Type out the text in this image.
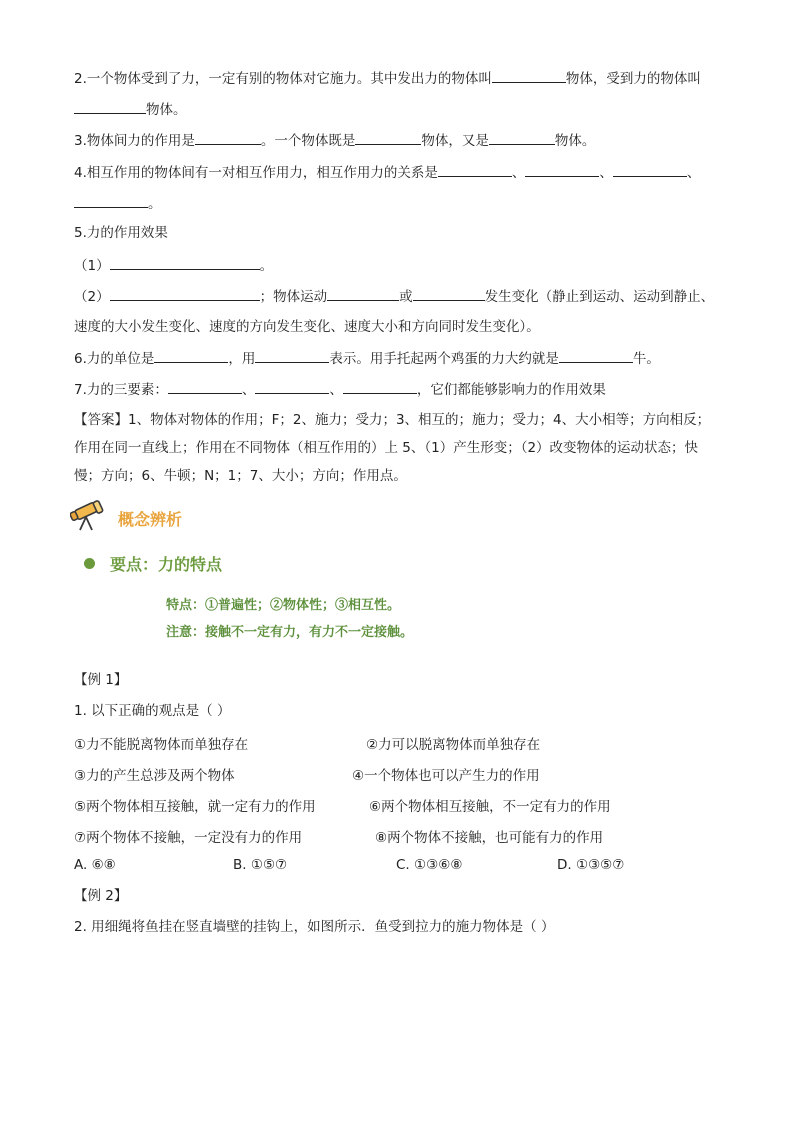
2.一个物体受到了力，一定有别的物体对它施力。其中发出力的物体叫	物体，受到力的物体叫
物体。
3.物体间力的作用是	。一个物体既是	物体，又是	物体。
4.相互作用的物体间有一对相互作用力，相互作用力的关系是	、	、	、
。
5.力的作用效果
（1）	。
（2）	；物体运动	或	发生变化（静止到运动、运动到静止、
速度的大小发生变化、速度的方向发生变化、速度大小和方向同时发生变化）。
6.力的单位是	，用	表示。用手托起两个鸡蛋的力大约就是	牛。
7.力的三要素：	、	、	，它们都能够影响力的作用效果
【答案】1、物体对物体的作用；F；2、施力；受力；3、相互的；施力；受力；4、大小相等；方向相反；
作用在同一直线上；作用在不同物体（相互作用的）上 5、（1）产生形变；（2）改变物体的运动状态；快
慢；方向；6、牛顿；N；1；7、大小；方向；作用点。
概念辨析
要点：力的特点
特点：①普遍性；②物体性；③相互性。
注意：接触不一定有力，有力不一定接触。
【例 1】
1. 以下正确的观点是（ ）
①力不能脱离物体而单独存在	②力可以脱离物体而单独存在
③力的产生总涉及两个物体	④一个物体也可以产生力的作用
⑤两个物体相互接触，就一定有力的作用	⑥两个物体相互接触，不一定有力的作用
⑦两个物体不接触，一定没有力的作用	⑧两个物体不接触，也可能有力的作用
A. ⑥⑧	B. ①⑤⑦	C. ①③⑥⑧	D. ①③⑤⑦
【例 2】
2. 用细绳将鱼挂在竖直墙壁的挂钩上，如图所示．鱼受到拉力的施力物体是（ ）
